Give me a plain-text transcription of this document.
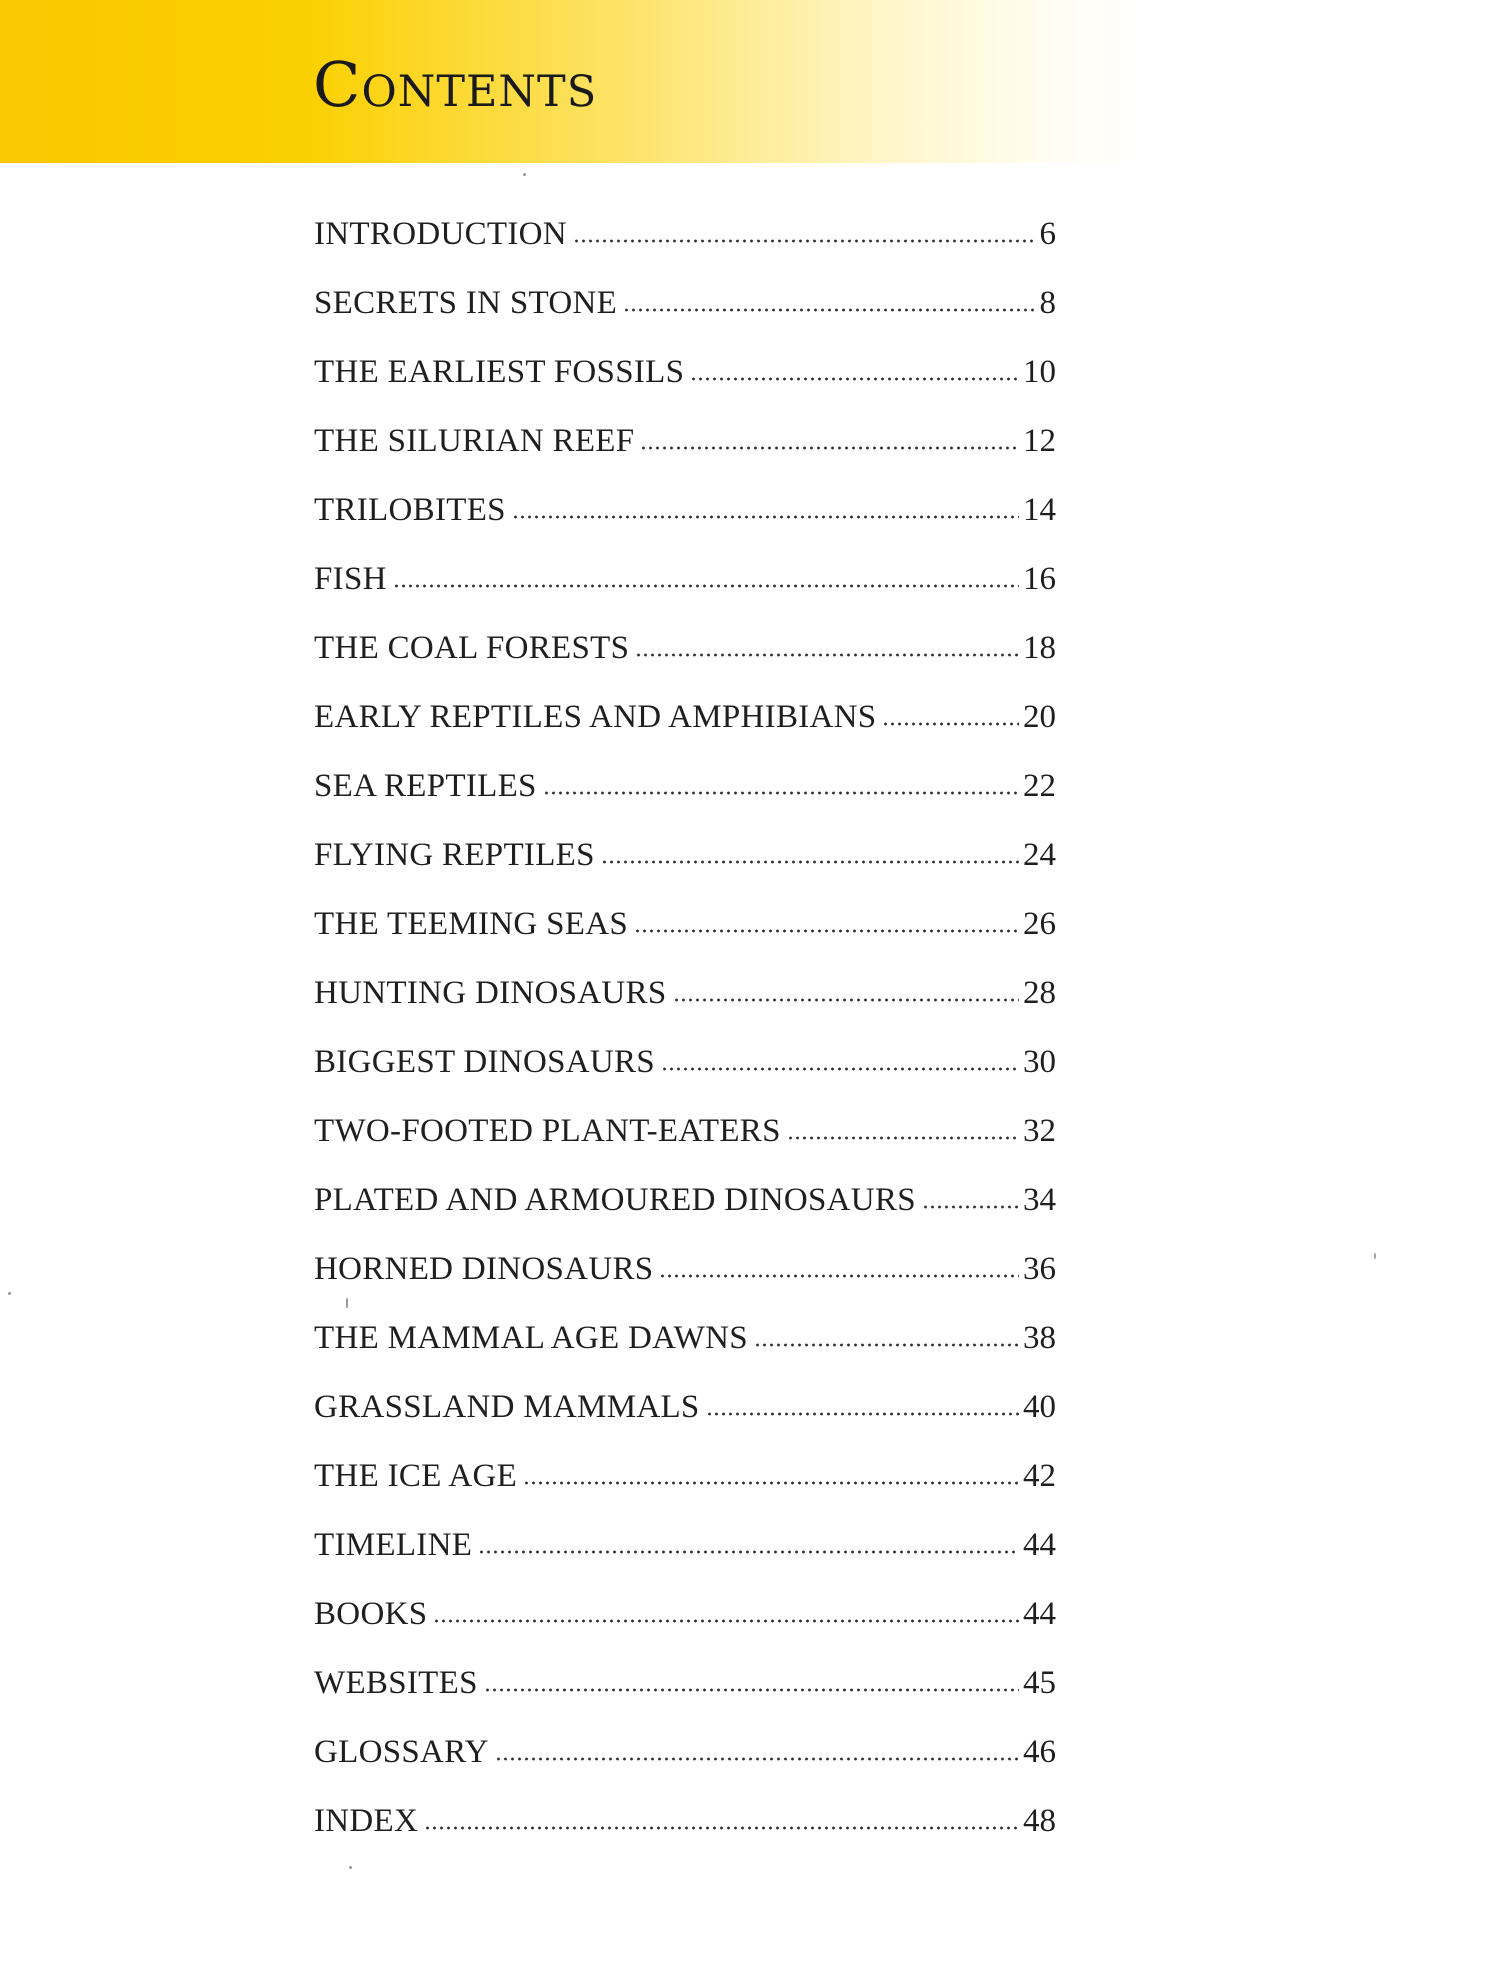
Contents
INTRODUCTION	6
SECRETS IN STONE	8
THE EARLIEST FOSSILS	10
THE SILURIAN REEF	12
TRILOBITES	14
FISH	16
THE COAL FORESTS	18
EARLY REPTILES AND AMPHIBIANS	20
SEA REPTILES	22
FLYING REPTILES	24
THE TEEMING SEAS	26
HUNTING DINOSAURS	28
BIGGEST DINOSAURS	30
TWO-FOOTED PLANT-EATERS	32
PLATED AND ARMOURED DINOSAURS	34
HORNED DINOSAURS	36
THE MAMMAL AGE DAWNS	38
GRASSLAND MAMMALS	40
THE ICE AGE	42
TIMELINE	44
BOOKS	44
WEBSITES	45
GLOSSARY	46
INDEX	48
